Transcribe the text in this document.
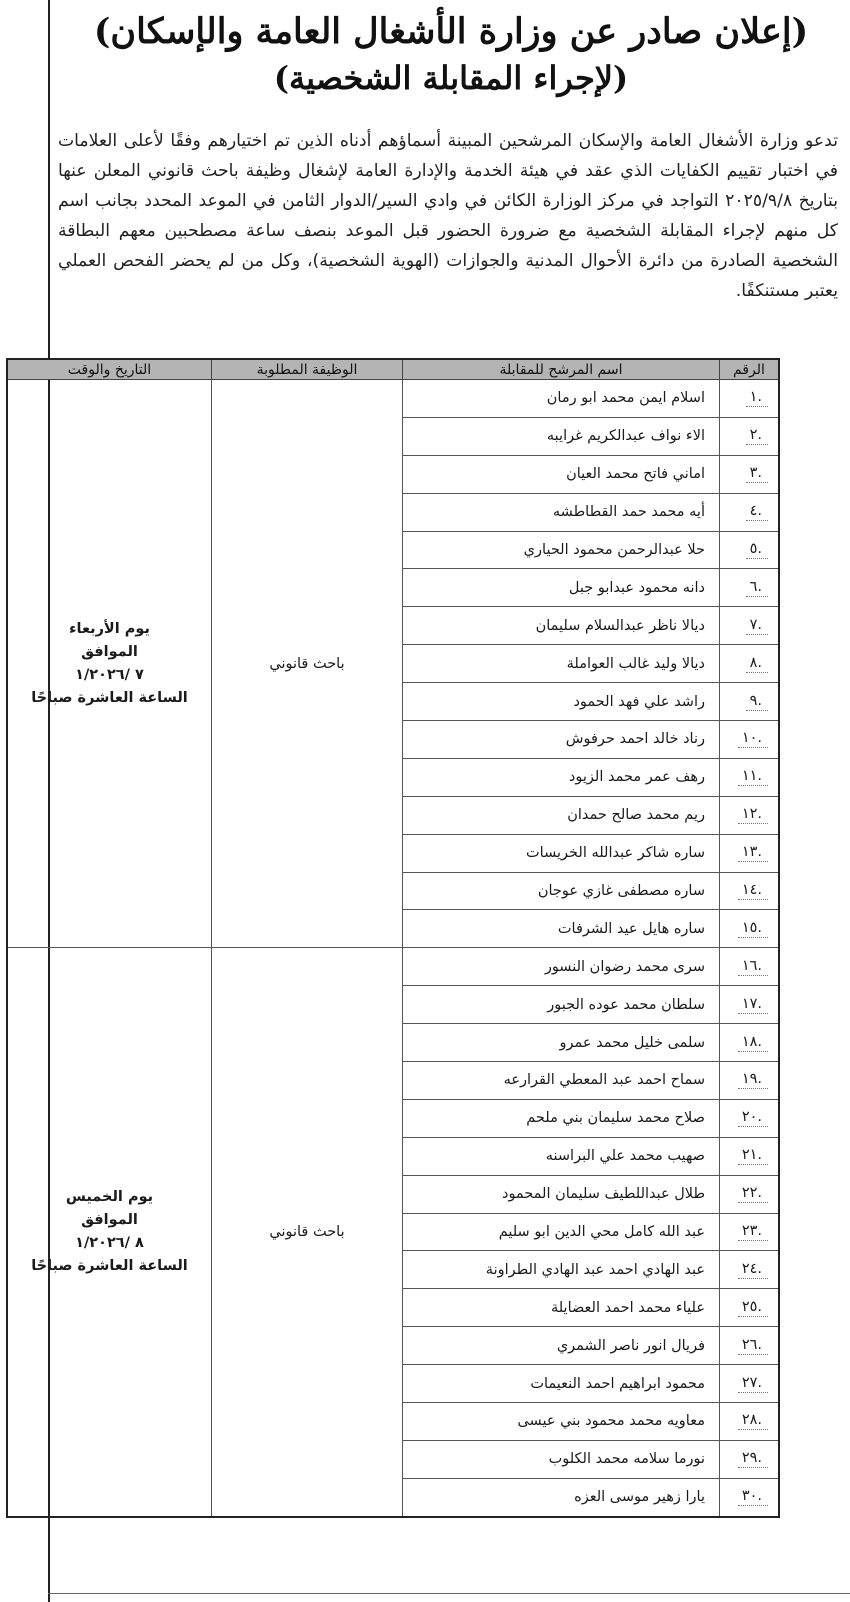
(إعلان صادر عن وزارة الأشغال العامة والإسكان)
(لإجراء المقابلة الشخصية)
تدعو وزارة الأشغال العامة والإسكان المرشحين المبينة أسماؤهم أدناه الذين تم اختيارهم وفقًا لأعلى العلامات في اختبار تقييم الكفايات الذي عقد في هيئة الخدمة والإدارة العامة لإشغال وظيفة باحث قانوني المعلن عنها بتاريخ ٢٠٢٥/٩/٨ التواجد في مركز الوزارة الكائن في وادي السير/الدوار الثامن في الموعد المحدد بجانب اسم كل منهم لإجراء المقابلة الشخصية مع ضرورة الحضور قبل الموعد بنصف ساعة مصطحبين معهم البطاقة الشخصية الصادرة من دائرة الأحوال المدنية والجوازات (الهوية الشخصية)، وكل من لم يحضر الفحص العملي يعتبر مستنكفًا.
الرقم	اسم المرشح للمقابلة	الوظيفة المطلوبة	التاريخ والوقت
.١	اسلام ايمن محمد ابو رمان	باحث قانوني	يوم الأربعاء
الموافق
٧ /١/٢٠٢٦
الساعة العاشرة صباحًا

.٢	الاء نواف عبدالكريم غرايبه		
.٣	اماني فاتح محمد العيان		
.٤	أيه محمد حمد القطاطشه		
.٥	حلا عبدالرحمن محمود الحياري		
.٦	دانه محمود عبدابو جبل		
.٧	ديالا ناظر عبدالسلام سليمان		
.٨	ديالا وليد غالب العواملة		
.٩	راشد علي فهد الحمود		
.١٠	رناد خالد احمد حرفوش		
.١١	رهف عمر محمد الزيود		
.١٢	ريم محمد صالح حمدان		
.١٣	ساره شاكر عبدالله الخريسات		
.١٤	ساره مصطفى غازي عوجان		
.١٥	ساره هايل عيد الشرفات		
.١٦	سرى محمد رضوان النسور	باحث قانوني	يوم الخميس
الموافق
٨ /١/٢٠٢٦
الساعة العاشرة صباحًا

.١٧	سلطان محمد عوده الجبور		
.١٨	سلمى خليل محمد عمرو		
.١٩	سماح احمد عبد المعطي القرارعه		
.٢٠	صلاح محمد سليمان بني ملحم		
.٢١	صهيب محمد علي البراسنه		
.٢٢	طلال عبداللطيف سليمان المحمود		
.٢٣	عبد الله كامل محي الدين ابو سليم		
.٢٤	عبد الهادي احمد عبد الهادي الطراونة		
.٢٥	علياء محمد احمد العضايلة		
.٢٦	فريال انور ناصر الشمري		
.٢٧	محمود ابراهيم احمد النعيمات		
.٢٨	معاويه محمد محمود بني عيسى		
.٢٩	نورما سلامه محمد الكلوب		
.٣٠	يارا زهير موسى العزه		
